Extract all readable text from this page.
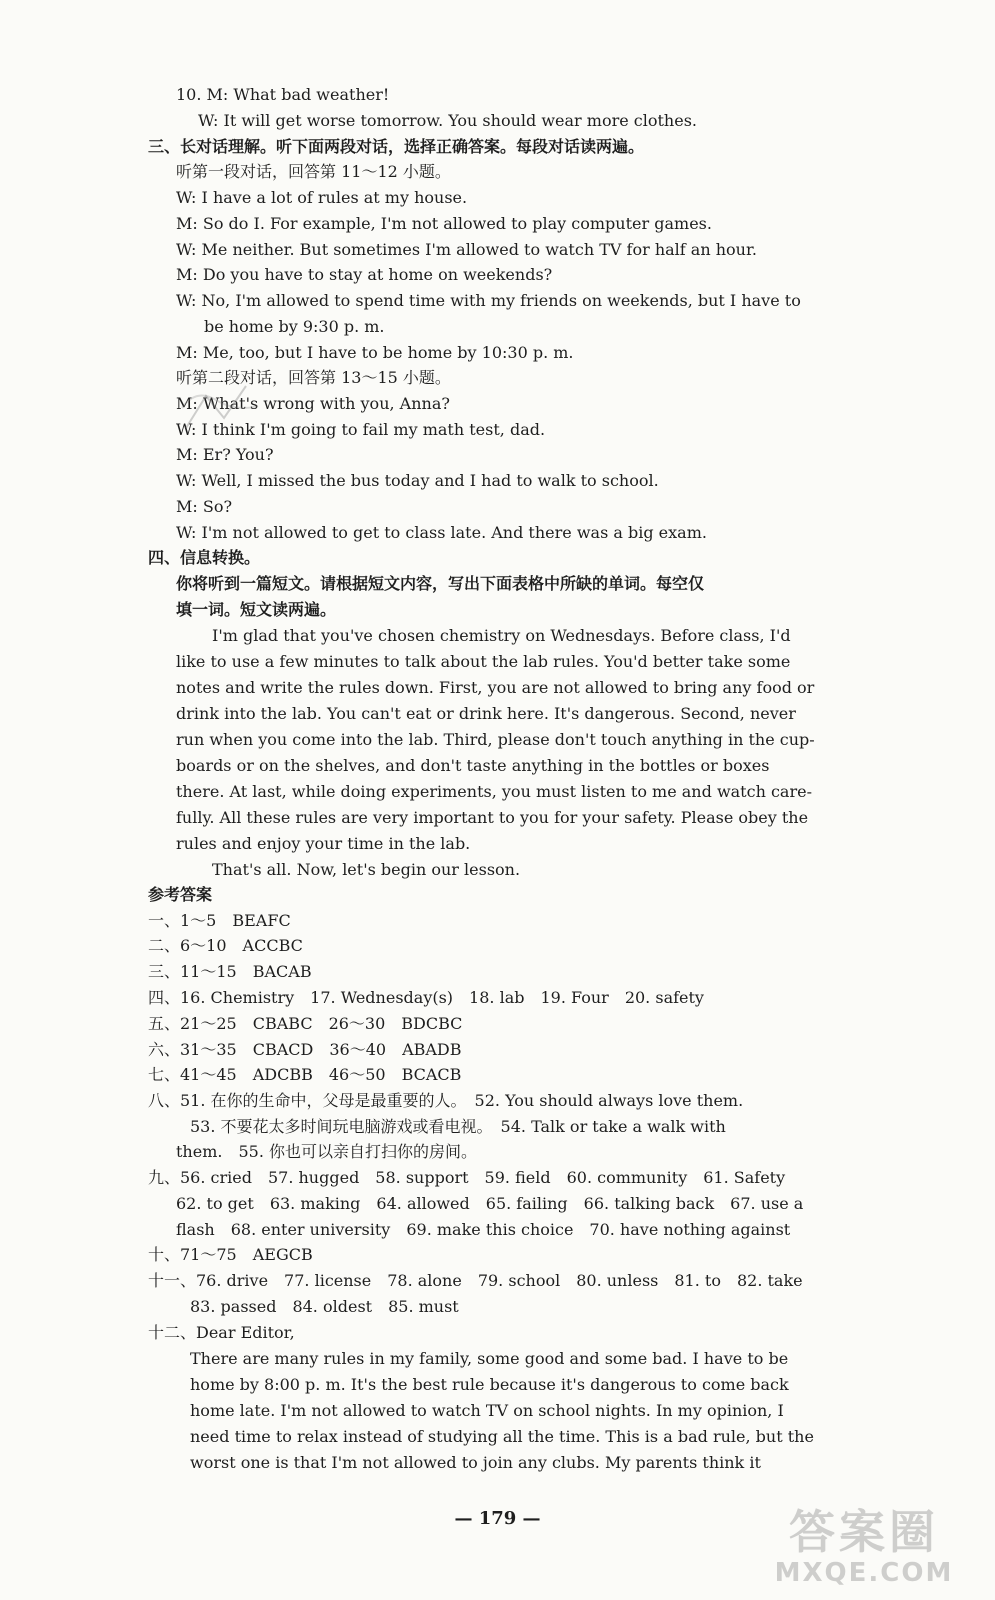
10. M: What bad weather!
W: It will get worse tomorrow. You should wear more clothes.
三、长对话理解。听下面两段对话，选择正确答案。每段对话读两遍。
听第一段对话，回答第 11～12 小题。
W: I have a lot of rules at my house.
M: So do I. For example, I'm not allowed to play computer games.
W: Me neither. But sometimes I'm allowed to watch TV for half an hour.
M: Do you have to stay at home on weekends?
W: No, I'm allowed to spend time with my friends on weekends, but I have to
be home by 9:30 p. m.
M: Me, too, but I have to be home by 10:30 p. m.
听第二段对话，回答第 13～15 小题。
M: What's wrong with you, Anna?
W: I think I'm going to fail my math test, dad.
M: Er? You?
W: Well, I missed the bus today and I had to walk to school.
M: So?
W: I'm not allowed to get to class late. And there was a big exam.
四、信息转换。
你将听到一篇短文。请根据短文内容，写出下面表格中所缺的单词。每空仅
填一词。短文读两遍。
I'm glad that you've chosen chemistry on Wednesdays. Before class, I'd
like to use a few minutes to talk about the lab rules. You'd better take some
notes and write the rules down. First, you are not allowed to bring any food or
drink into the lab. You can't eat or drink here. It's dangerous. Second, never
run when you come into the lab. Third, please don't touch anything in the cup-
boards or on the shelves, and don't taste anything in the bottles or boxes
there. At last, while doing experiments, you must listen to me and watch care-
fully. All these rules are very important to you for your safety. Please obey the
rules and enjoy your time in the lab.
That's all. Now, let's begin our lesson.
参考答案
一、1～5　BEAFC
二、6～10　ACCBC
三、11～15　BACAB
四、16. Chemistry　17. Wednesday(s)　18. lab　19. Four　20. safety
五、21～25　CBABC　26～30　BDCBC
六、31～35　CBACD　36～40　ABADB
七、41～45　ADCBB　46～50　BCACB
八、51. 在你的生命中，父母是最重要的人。　52. You should always love them.
53. 不要花太多时间玩电脑游戏或看电视。　54. Talk or take a walk with
them.　55. 你也可以亲自打扫你的房间。
九、56. cried　57. hugged　58. support　59. field　60. community　61. Safety
62. to get　63. making　64. allowed　65. failing　66. talking back　67. use a
flash　68. enter university　69. make this choice　70. have nothing against
十、71～75　AEGCB
十一、76. drive　77. license　78. alone　79. school　80. unless　81. to　82. take
83. passed　84. oldest　85. must
十二、Dear Editor,
There are many rules in my family, some good and some bad. I have to be
home by 8:00 p. m. It's the best rule because it's dangerous to come back
home late. I'm not allowed to watch TV on school nights. In my opinion, I
need time to relax instead of studying all the time. This is a bad rule, but the
worst one is that I'm not allowed to join any clubs. My parents think it
— 179 —	答案圈
MXQE.COM
